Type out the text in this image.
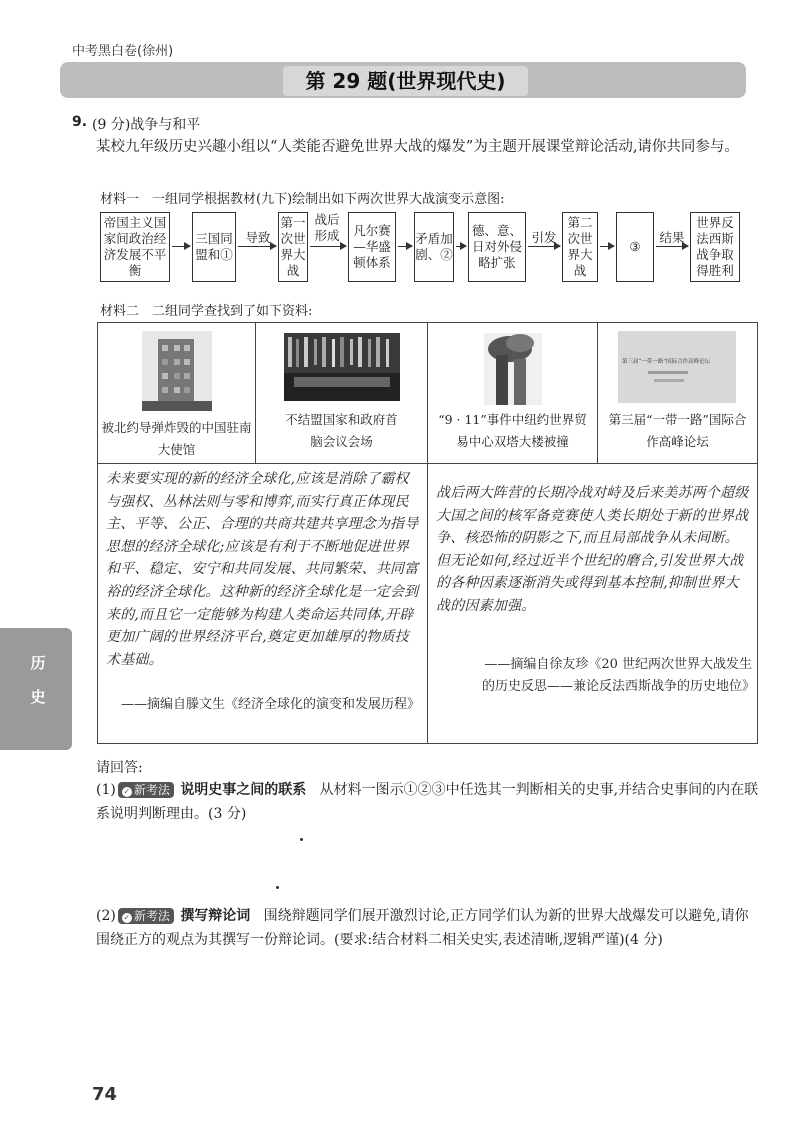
中考黑白卷(徐州)
第 29 题(世界现代史)
9. (9 分)战争与和平
某校九年级历史兴趣小组以“人类能否避免世界大战的爆发”为主题开展课堂辩论活动,请你共同参与。
材料一　一组同学根据教材(九下)绘制出如下两次世界大战演变示意图:
帝国主义国家间政治经济发展不平衡
三国同盟和①
导致
第一次世界大战
战后形成	凡尔赛—华盛顿体系
矛盾加剧、②
德、意、日对外侵略扩张
引发
第二次世界大战
③
结果
世界反法西斯战争取得胜利
材料二　二组同学查找到了如下资料:
被北约导弹炸毁的中国驻南大使馆
不结盟国家和政府首脑会议会场
“9 · 11”事件中纽约世界贸易中心双塔大楼被撞
第三届“一带一路”国际合作高峰论坛
第三届“一带一路”国际合作高峰论坛
未来要实现的新的经济全球化,应该是消除了霸权与强权、丛林法则与零和博弈,而实行真正体现民主、平等、公正、合理的共商共建共享理念为指导思想的经济全球化;应该是有利于不断地促进世界和平、稳定、安宁和共同发展、共同繁荣、共同富裕的经济全球化。这种新的经济全球化是一定会到来的,而且它一定能够为构建人类命运共同体,开辟更加广阔的世界经济平台,奠定更加雄厚的物质技术基础。
——摘编自滕文生《经济全球化的演变和发展历程》
战后两大阵营的长期冷战对峙及后来美苏两个超级大国之间的核军备竞赛使人类长期处于新的世界战争、核恐怖的阴影之下,而且局部战争从未间断。但无论如何,经过近半个世纪的磨合,引发世界大战的各种因素逐渐消失或得到基本控制,抑制世界大战的因素加强。
——摘编自徐友珍《20 世纪两次世界大战发生的历史反思——兼论反法西斯战争的历史地位》
请回答:
(1) ✓ 新考法 说明史事之间的联系 从材料一图示①②③中任选其一判断相关的史事,并结合史事间的内在联系说明判断理由。(3 分)
(2) ✓ 新考法 撰写辩论词 围绕辩题同学们展开激烈讨论,正方同学们认为新的世界大战爆发可以避免,请你围绕正方的观点为其撰写一份辩论词。(要求:结合材料二相关史实,表述清晰,逻辑严谨)(4 分)
历
史
74
